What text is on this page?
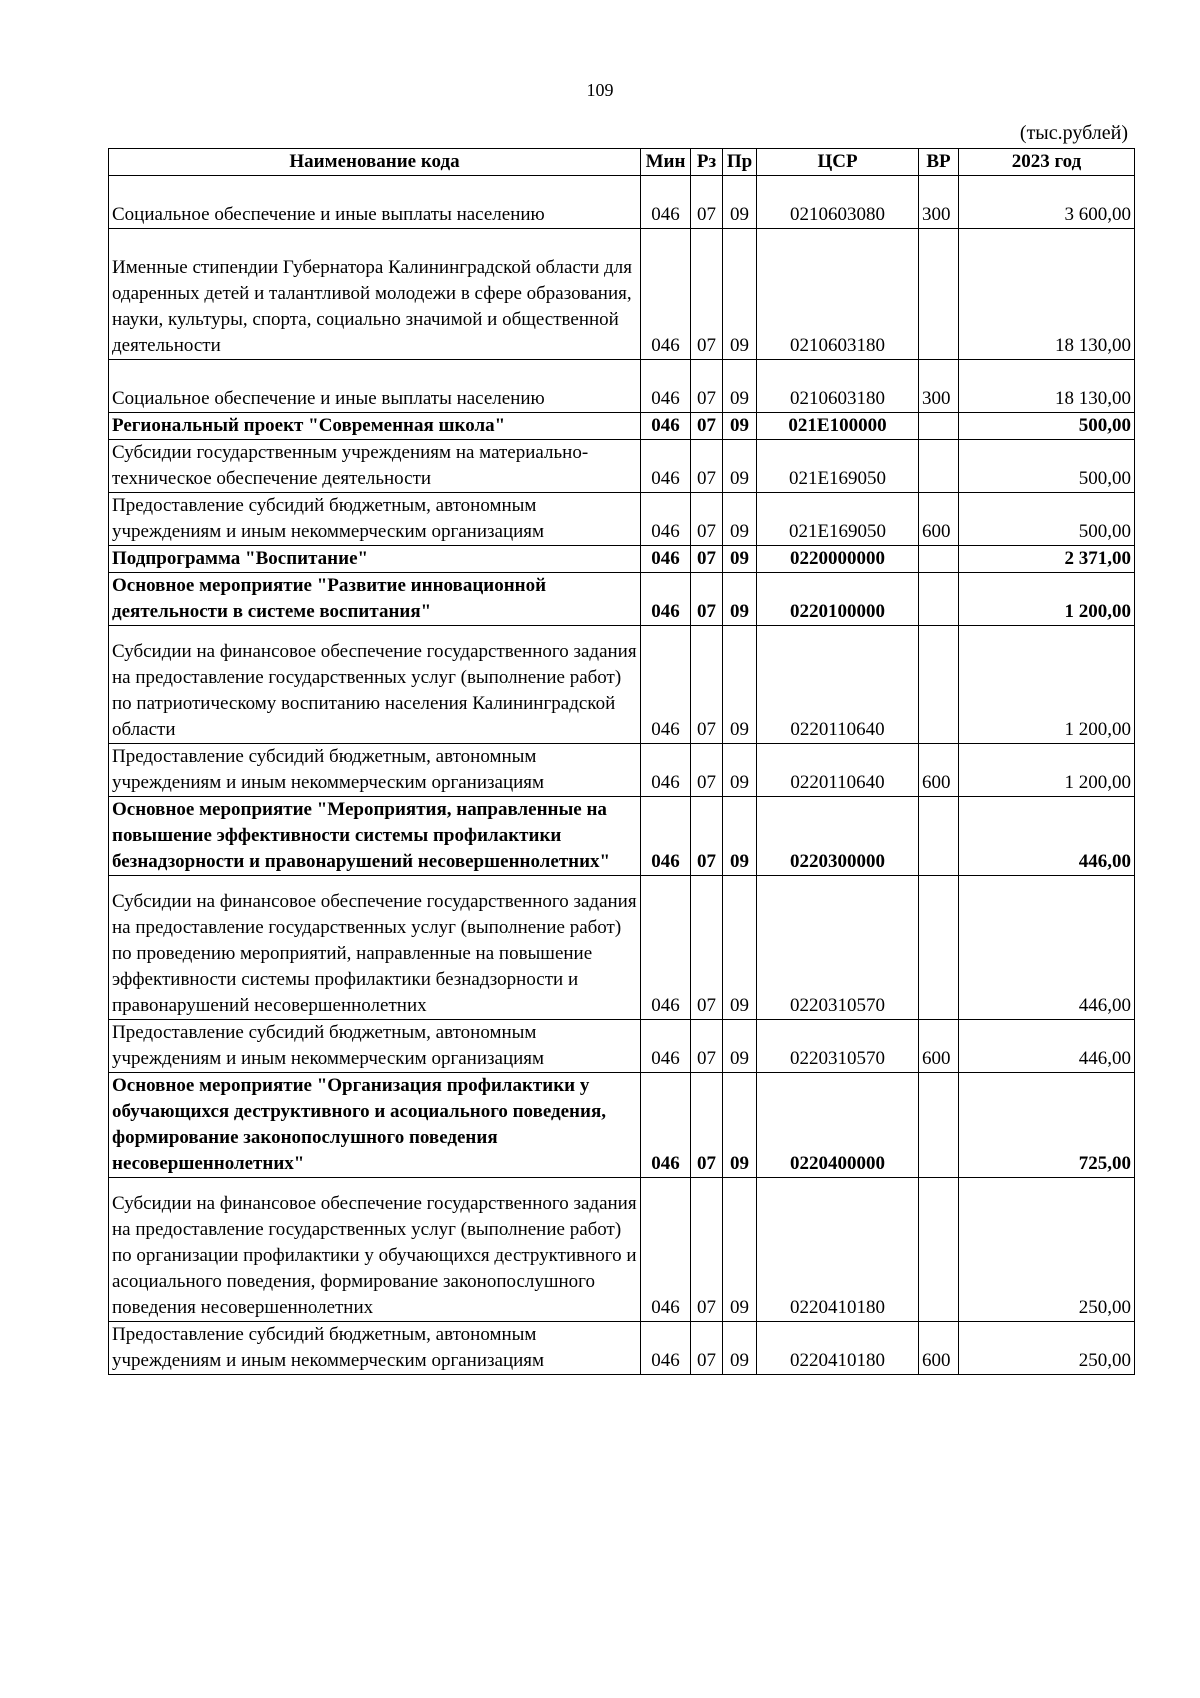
109
(тыс.рублей)
Наименование кода	Мин	Рз	Пр	ЦСР	ВР	2023 год
Социальное обеспечение и иные выплаты населению	046	07	09	0210603080	300	3 600,00
Именные стипендии Губернатора Калининградской области для одаренных детей и талантливой молодежи в сфере образования, науки, культуры, спорта, социально значимой и общественной деятельности	046	07	09	0210603180		18 130,00
Социальное обеспечение и иные выплаты населению	046	07	09	0210603180	300	18 130,00
Региональный проект "Современная школа"	046	07	09	021E100000		500,00
Субсидии государственным учреждениям на материально-техническое обеспечение деятельности	046	07	09	021E169050		500,00
Предоставление субсидий бюджетным, автономным учреждениям и иным некоммерческим организациям	046	07	09	021E169050	600	500,00
Подпрограмма "Воспитание"	046	07	09	0220000000		2 371,00
Основное мероприятие "Развитие инновационной деятельности в системе воспитания"	046	07	09	0220100000		1 200,00
Субсидии на финансовое обеспечение государственного задания на предоставление государственных услуг (выполнение работ) по патриотическому воспитанию населения Калининградской области	046	07	09	0220110640		1 200,00
Предоставление субсидий бюджетным, автономным учреждениям и иным некоммерческим организациям	046	07	09	0220110640	600	1 200,00
Основное мероприятие "Мероприятия, направленные на повышение эффективности системы профилактики безнадзорности и правонарушений несовершеннолетних"	046	07	09	0220300000		446,00
Субсидии на финансовое обеспечение государственного задания на предоставление государственных услуг (выполнение работ) по проведению мероприятий, направленные на повышение эффективности системы профилактики безнадзорности и правонарушений несовершеннолетних	046	07	09	0220310570		446,00
Предоставление субсидий бюджетным, автономным учреждениям и иным некоммерческим организациям	046	07	09	0220310570	600	446,00
Основное мероприятие "Организация профилактики у обучающихся деструктивного и асоциального поведения, формирование законопослушного поведения несовершеннолетних"	046	07	09	0220400000		725,00
Субсидии на финансовое обеспечение государственного задания на предоставление государственных услуг (выполнение работ) по организации профилактики у обучающихся деструктивного и асоциального поведения, формирование законопослушного поведения несовершеннолетних	046	07	09	0220410180		250,00
Предоставление субсидий бюджетным, автономным учреждениям и иным некоммерческим организациям	046	07	09	0220410180	600	250,00
